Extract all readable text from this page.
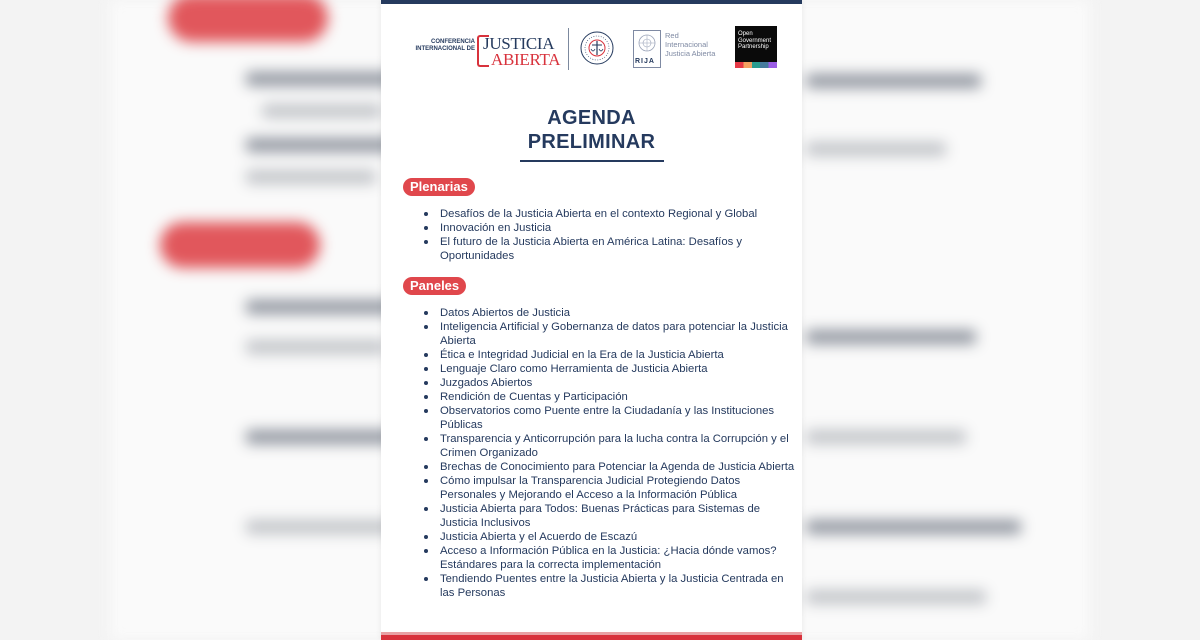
CONFERENCIA INTERNACIONAL DE JUSTICIA
ABIERTA	RIJA
Red Internacional Justicia Abierta
Open Government Partnership
AGENDA
PRELIMINAR
Plenarias
Desafíos de la Justicia Abierta en el contexto Regional y Global
Innovación en Justicia
El futuro de la Justicia Abierta en América Latina: Desafíos y Oportunidades
Paneles
Datos Abiertos de Justicia
Inteligencia Artificial y Gobernanza de datos para potenciar la Justicia Abierta
Ética e Integridad Judicial en la Era de la Justicia Abierta
Lenguaje Claro como Herramienta de Justicia Abierta
Juzgados Abiertos
Rendición de Cuentas y Participación
Observatorios como Puente entre la Ciudadanía y las Instituciones Públicas
Transparencia y Anticorrupción para la lucha contra la Corrupción y el Crimen Organizado
Brechas de Conocimiento para Potenciar la Agenda de Justicia Abierta
Cómo impulsar la Transparencia Judicial Protegiendo Datos Personales y Mejorando el Acceso a la Información Pública
Justicia Abierta para Todos: Buenas Prácticas para Sistemas de Justicia Inclusivos
Justicia Abierta y el Acuerdo de Escazú
Acceso a Información Pública en la Justicia: ¿Hacia dónde vamos? Estándares para la correcta implementación
Tendiendo Puentes entre la Justicia Abierta y la Justicia Centrada en las Personas
